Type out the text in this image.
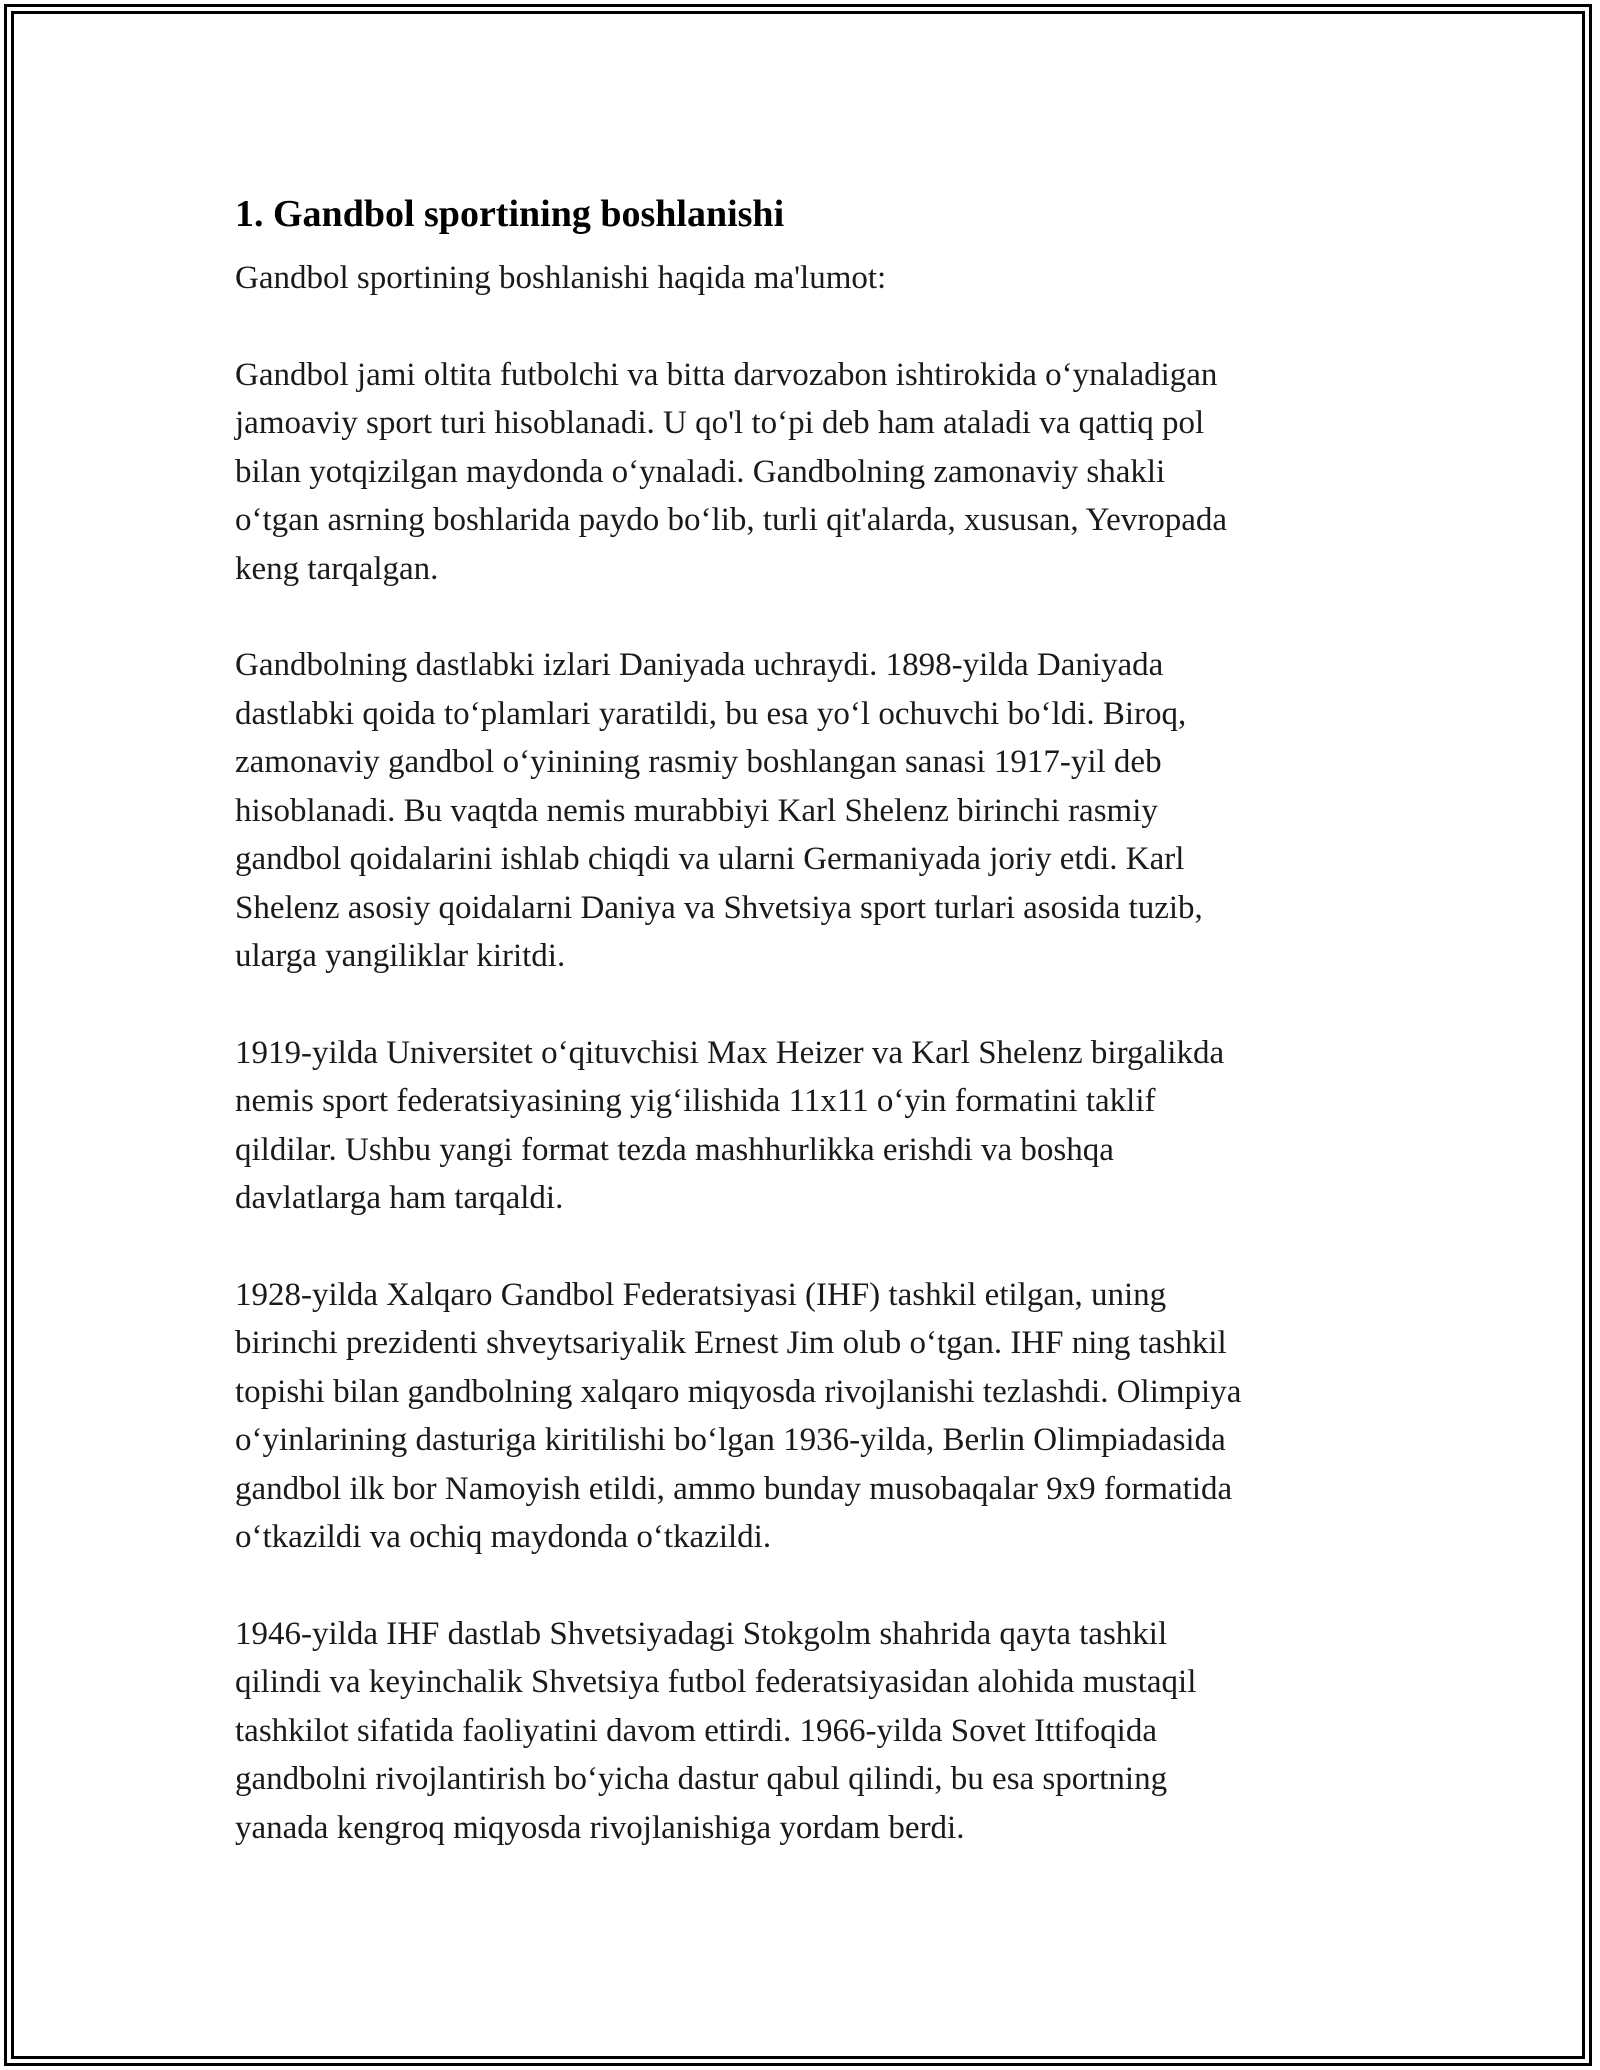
1. Gandbol sportining boshlanishi
Gandbol sportining boshlanishi haqida ma'lumot:
Gandbol jami oltita futbolchi va bitta darvozabon ishtirokida o‘ynaladigan
jamoaviy sport turi hisoblanadi. U qo'l to‘pi deb ham ataladi va qattiq pol
bilan yotqizilgan maydonda o‘ynaladi. Gandbolning zamonaviy shakli
o‘tgan asrning boshlarida paydo bo‘lib, turli qit'alarda, xususan, Yevropada
keng tarqalgan.
Gandbolning dastlabki izlari Daniyada uchraydi. 1898-yilda Daniyada
dastlabki qoida to‘plamlari yaratildi, bu esa yo‘l ochuvchi bo‘ldi. Biroq,
zamonaviy gandbol o‘yinining rasmiy boshlangan sanasi 1917-yil deb
hisoblanadi. Bu vaqtda nemis murabbiyi Karl Shelenz birinchi rasmiy
gandbol qoidalarini ishlab chiqdi va ularni Germaniyada joriy etdi. Karl
Shelenz asosiy qoidalarni Daniya va Shvetsiya sport turlari asosida tuzib,
ularga yangiliklar kiritdi.
1919-yilda Universitet o‘qituvchisi Max Heizer va Karl Shelenz birgalikda
nemis sport federatsiyasining yig‘ilishida 11x11 o‘yin formatini taklif
qildilar. Ushbu yangi format tezda mashhurlikka erishdi va boshqa
davlatlarga ham tarqaldi.
1928-yilda Xalqaro Gandbol Federatsiyasi (IHF) tashkil etilgan, uning
birinchi prezidenti shveytsariyalik Ernest Jim olub o‘tgan. IHF ning tashkil
topishi bilan gandbolning xalqaro miqyosda rivojlanishi tezlashdi. Olimpiya
o‘yinlarining dasturiga kiritilishi bo‘lgan 1936-yilda, Berlin Olimpiadasida
gandbol ilk bor Namoyish etildi, ammo bunday musobaqalar 9x9 formatida
o‘tkazildi va ochiq maydonda o‘tkazildi.
1946-yilda IHF dastlab Shvetsiyadagi Stokgolm shahrida qayta tashkil
qilindi va keyinchalik Shvetsiya futbol federatsiyasidan alohida mustaqil
tashkilot sifatida faoliyatini davom ettirdi. 1966-yilda Sovet Ittifoqida
gandbolni rivojlantirish bo‘yicha dastur qabul qilindi, bu esa sportning
yanada kengroq miqyosda rivojlanishiga yordam berdi.
